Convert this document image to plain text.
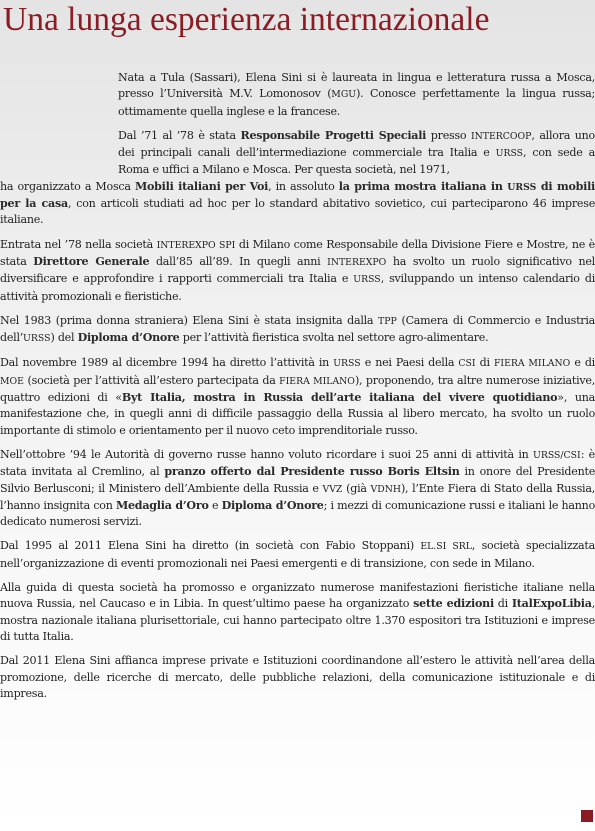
Una lunga esperienza internazionale

Nata a Tula (Sassari), Elena Sini si è laureata in lingua e letteratura russa a Mosca, presso l’Università M.V. Lomonosov (MGU). Conosce perfettamente la lingua russa; ottimamente quella inglese e la francese.

Dal ’71 al ’78 è stata Responsabile Progetti Speciali presso INTERCOOP, allora uno dei principali canali dell’intermediazione commerciale tra Italia e URSS, con sede a Roma e uffici a Milano e Mosca. Per questa società, nel 1971,

ha organizzato a Mosca Mobili italiani per Voi, in assoluto la prima mostra italiana in URSS di mobili per la casa, con articoli studiati ad hoc per lo standard abitativo sovietico, cui parteciparono 46 imprese italiane.

Entrata nel ’78 nella società INTEREXPO SPI di Milano come Responsabile della Divisione Fiere e Mostre, ne è stata Direttore Generale dall’85 all’89. In quegli anni INTEREXPO ha svolto un ruolo significativo nel diversificare e approfondire i rapporti commerciali tra Italia e URSS, sviluppando un intenso calendario di attività promozionali e fieristiche.

Nel 1983 (prima donna straniera) Elena Sini è stata insignita dalla TPP (Camera di Commercio e Industria dell’URSS) del Diploma d’Onore per l’attività fieristica svolta nel settore agro-alimentare.

Dal novembre 1989 al dicembre 1994 ha diretto l’attività in URSS e nei Paesi della CSI di FIERA MILANO e di MOE (società per l’attività all’estero partecipata da FIERA MILANO), proponendo, tra altre numerose iniziative, quattro edizioni di «Byt Italia, mostra in Russia dell’arte italiana del vivere quotidiano», una manifestazione che, in quegli anni di difficile passaggio della Russia al libero mercato, ha svolto un ruolo importante di stimolo e orientamento per il nuovo ceto imprenditoriale russo.

Nell’ottobre ’94 le Autorità di governo russe hanno voluto ricordare i suoi 25 anni di attività in URSS/CSI: è stata invitata al Cremlino, al pranzo offerto dal Presidente russo Boris Eltsin in onore del Presidente Silvio Berlusconi; il Ministero dell’Ambiente della Russia e VVZ (già VDNH), l’Ente Fiera di Stato della Russia, l’hanno insignita con Medaglia d’Oro e Diploma d’Onore; i mezzi di comunicazione russi e italiani le hanno dedicato numerosi servizi.

Dal 1995 al 2011 Elena Sini ha diretto (in società con Fabio Stoppani) EL.SI SRL, società specializzata nell’organizzazione di eventi promozionali nei Paesi emergenti e di transizione, con sede in Milano.

Alla guida di questa società ha promosso e organizzato numerose manifestazioni fieristiche italiane nella nuova Russia, nel Caucaso e in Libia. In quest’ultimo paese ha organizzato sette edizioni di ItalExpoLibia, mostra nazionale italiana plurisettoriale, cui hanno partecipato oltre 1.370 espositori tra Istituzioni e imprese di tutta Italia.

Dal 2011 Elena Sini affianca imprese private e Istituzioni coordinandone all’estero le attività nell’area della promozione, delle ricerche di mercato, delle pubbliche relazioni, della comunicazione istituzionale e di impresa.
